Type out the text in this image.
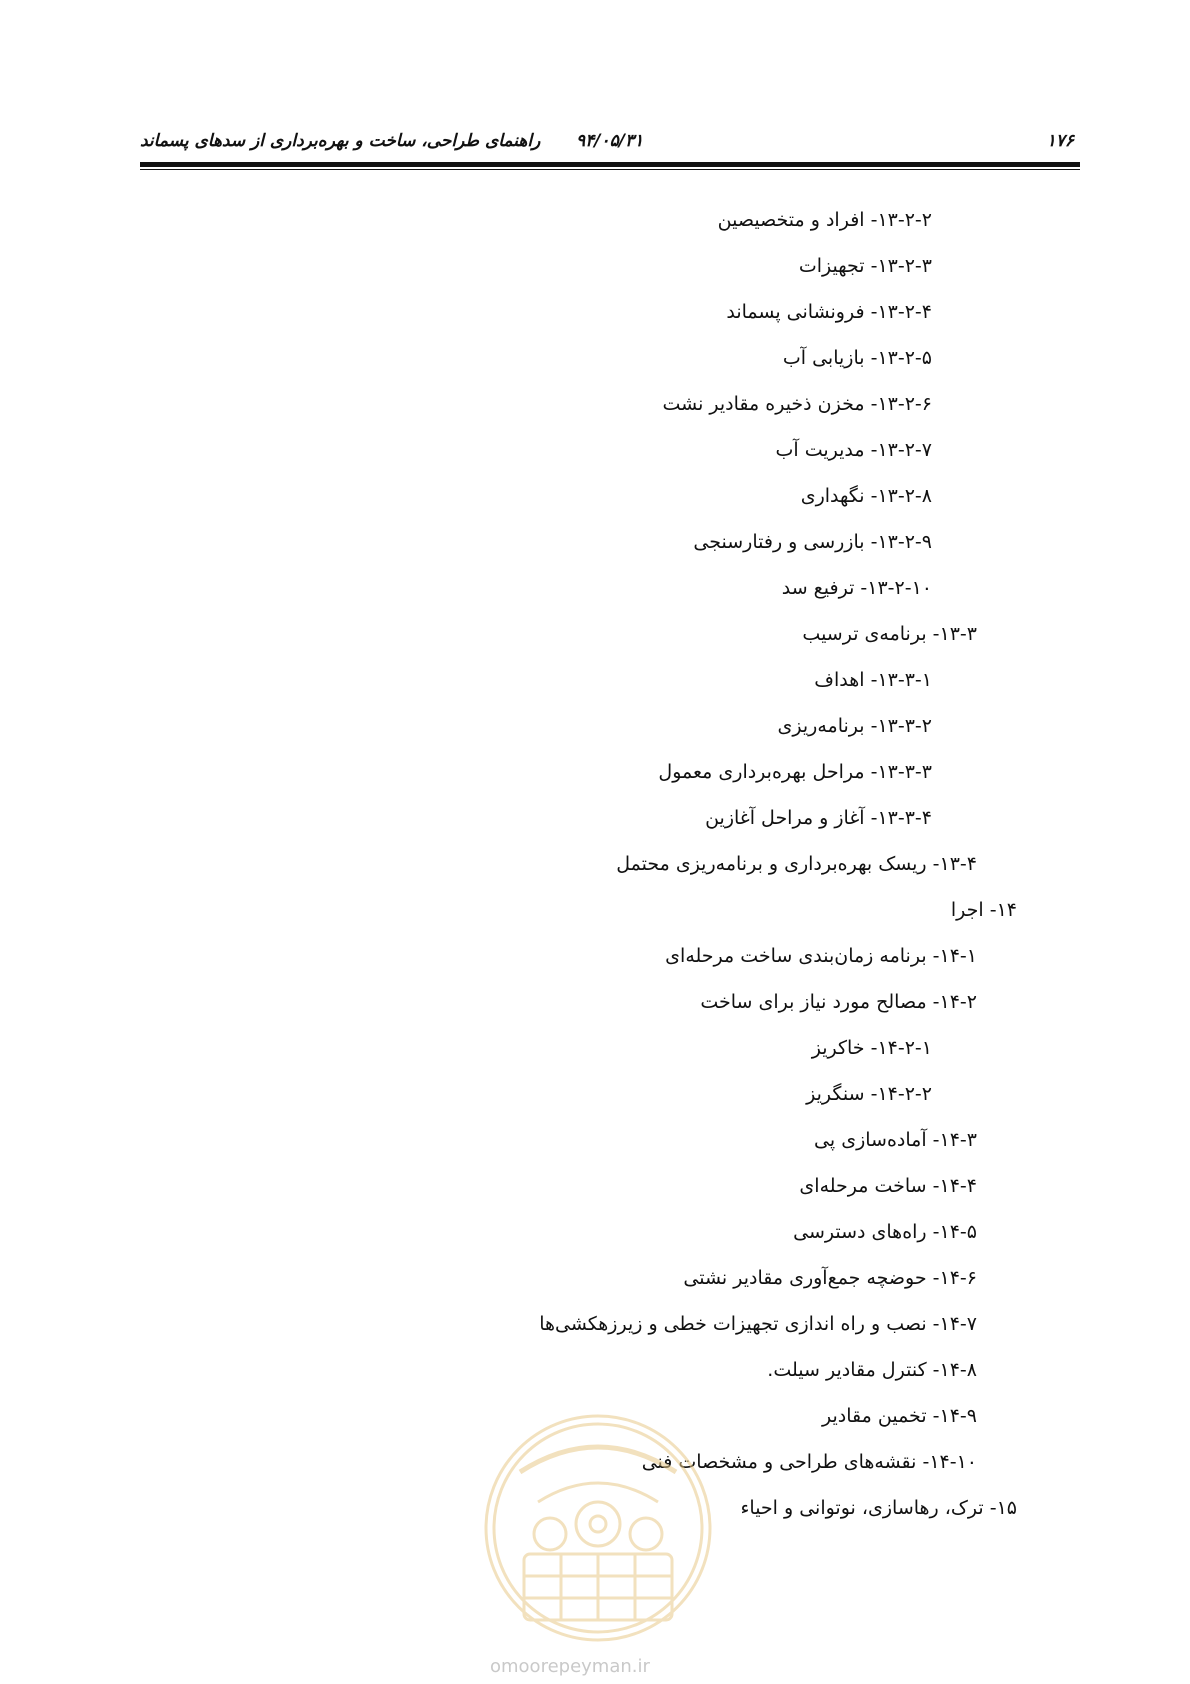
راهنمای طراحی، ساخت و بهره‌برداری از سدهای پسماند ۹۴/۰۵/۳۱	۱۷۶
۱۳-۲-۲- افراد و متخصیصین
۱۳-۲-۳- تجهیزات
۱۳-۲-۴- فرونشانی پسماند
۱۳-۲-۵- بازیابی آب
۱۳-۲-۶- مخزن ذخیره مقادیر نشت
۱۳-۲-۷- مدیریت آب
۱۳-۲-۸- نگهداری
۱۳-۲-۹- بازرسی و رفتارسنجی
۱۳-۲-۱۰- ترفیع سد
۱۳-۳- برنامه‌ی ترسیب
۱۳-۳-۱- اهداف
۱۳-۳-۲- برنامه‌ریزی
۱۳-۳-۳- مراحل بهره‌برداری معمول
۱۳-۳-۴- آغاز و مراحل آغازین
۱۳-۴- ریسک بهره‌برداری و برنامه‌ریزی محتمل
۱۴- اجرا
۱۴-۱- برنامه زمان‌بندی ساخت مرحله‌ای
۱۴-۲- مصالح مورد نیاز برای ساخت
۱۴-۲-۱- خاکریز
۱۴-۲-۲- سنگریز
۱۴-۳- آماده‌سازی پی
۱۴-۴- ساخت مرحله‌ای
۱۴-۵- راه‌های دسترسی
۱۴-۶- حوضچه جمع‌آوری مقادیر نشتی
۱۴-۷- نصب و راه اندازی تجهیزات خطی و زیرزهکشی‌ها
۱۴-۸- کنترل مقادیر سیلت.
۱۴-۹- تخمین مقادیر
۱۴-۱۰- نقشه‌های طراحی و مشخصات فنی
۱۵- ترک، رهاسازی، نوتوانی و احیاء
omoorepeyman.ir
